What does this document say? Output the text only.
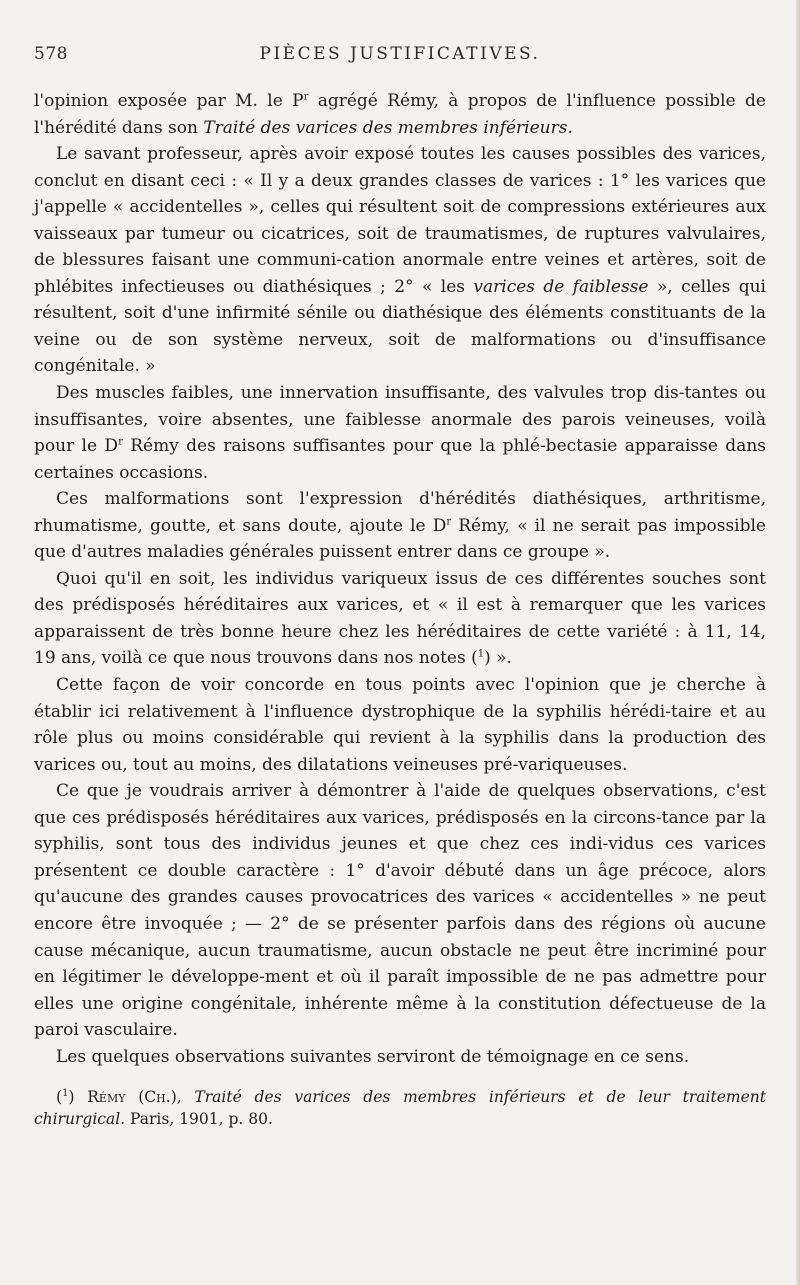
578	PIÈCES JUSTIFICATIVES.

l'opinion exposée par M. le $P^r$ agrégé Rémy, à propos de l'influence possible de l'hérédité dans son Traité des varices des membres inférieurs.

Le savant professeur, après avoir exposé toutes les causes possibles des varices, conclut en disant ceci : « Il y a deux grandes classes de varices : 1° les varices que j'appelle « accidentelles », celles qui résultent soit de compressions extérieures aux vaisseaux par tumeur ou cicatrices, soit de traumatismes, de ruptures valvulaires, de blessures faisant une communi-cation anormale entre veines et artères, soit de phlébites infectieuses ou diathésiques ; 2° « les varices de faiblesse », celles qui résultent, soit d'une infirmité sénile ou diathésique des éléments constituants de la veine ou de son système nerveux, soit de malformations ou d'insuffisance congénitale. »

Des muscles faibles, une innervation insuffisante, des valvules trop dis-tantes ou insuffisantes, voire absentes, une faiblesse anormale des parois veineuses, voilà pour le $D^r$ Rémy des raisons suffisantes pour que la phlé-bectasie apparaisse dans certaines occasions.

Ces malformations sont l'expression d'hérédités diathésiques, arthritisme, rhumatisme, goutte, et sans doute, ajoute le $D^r$ Rémy, « il ne serait pas impossible que d'autres maladies générales puissent entrer dans ce groupe ».

Quoi qu'il en soit, les individus variqueux issus de ces différentes souches sont des prédisposés héréditaires aux varices, et « il est à remarquer que les varices apparaissent de très bonne heure chez les héréditaires de cette variété : à 11, 14, 19 ans, voilà ce que nous trouvons dans nos notes ($^1$) ».

Cette façon de voir concorde en tous points avec l'opinion que je cherche à établir ici relativement à l'influence dystrophique de la syphilis hérédi-taire et au rôle plus ou moins considérable qui revient à la syphilis dans la production des varices ou, tout au moins, des dilatations veineuses pré-variqueuses.

Ce que je voudrais arriver à démontrer à l'aide de quelques observations, c'est que ces prédisposés héréditaires aux varices, prédisposés en la circons-tance par la syphilis, sont tous des individus jeunes et que chez ces indi-vidus ces varices présentent ce double caractère : 1° d'avoir débuté dans un âge précoce, alors qu'aucune des grandes causes provocatrices des varices « accidentelles » ne peut encore être invoquée ; — 2° de se présenter parfois dans des régions où aucune cause mécanique, aucun traumatisme, aucun obstacle ne peut être incriminé pour en légitimer le développe-ment et où il paraît impossible de ne pas admettre pour elles une origine congénitale, inhérente même à la constitution défectueuse de la paroi vasculaire.

Les quelques observations suivantes serviront de témoignage en ce sens.

($^1$) Rémy (Ch.), Traité des varices des membres inférieurs et de leur traitement chirurgical. Paris, 1901, p. 80.
